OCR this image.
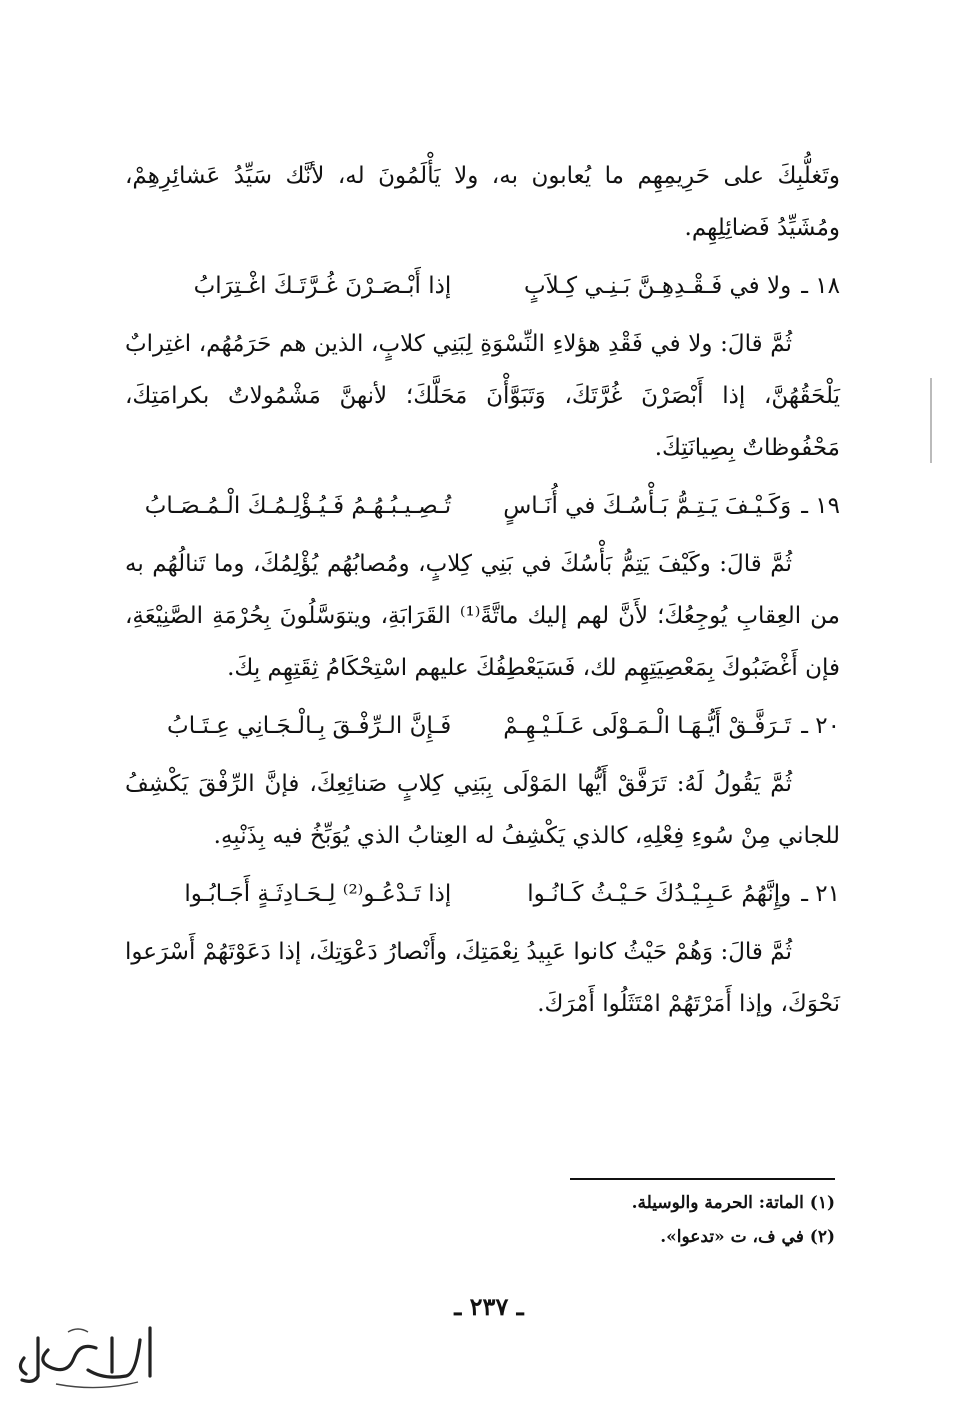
وتَغلُّبِكَ على حَرِيمِهِم ما يُعابون به، ولا يَأْلَمُونَ له، لأنَّك سَيِّدُ عَشائِرِهِمْ، ومُشَيِّدُ فَضائِلِهِم.

١٨ ـ
ولا في فَـقْـدِهِـنَّ بَـنِـي كِـلاَبٍ
إذا أَبْـصَـرْنَ غُـرَّتَـكَ اغْـتِرَابُ

ثُمَّ قالَ: ولا في فَقْدِ هؤلاءِ النِّسْوَةِ لِبَنِي كلابٍ، الذين هم حَرَمُهُم، اغتِرابٌ يَلْحَقُهُنَّ، إذا أَبْصَرْنَ غُرَّتَكَ، وَتَبَوَّأْنَ مَحَلَّكَ؛ لأنهنَّ مَشْمُولاتٌ بكرامَتِكَ، مَحْفُوظاتٌ بِصِيانَتِكَ.

١٩ ـ
وَكَـيْـفَ يَـتِـمُّ بَـأْسُـكَ في أُنَـاسٍ
تُـصِـيـبُـهُـمُ فَـيُـؤْلِـمُـكَ الْـمُـصَـابُ

ثُمَّ قالَ: وكَيْفَ يَتِمُّ بَأْسُكَ في بَنِي كِلابٍ، ومُصابُهُم يُؤْلِمُكَ، وما تَنالُهُم به من العِقابِ يُوجِعُكَ؛ لأَنَّ لهم إليك ماتَّةً⁽¹⁾ القَرَابَةِ، ويتوَسَّلُونَ بِحُرْمَةِ الصَّنِيْعَةِ، فإن أَغْضَبُوكَ بِمَعْصِيَتِهِم لك، فَسَيَعْطِفُكَ عليهم اسْتِحْكَامُ ثِقَتِهِم بِكَ.

٢٠ ـ
تَـرَفَّـقْ أَيُّـهَـا الْـمَـوْلَى عَـلَـيْـهِـمْ
فَـإِنَّ الـرِّفْـقَ بِـالْـجَـانِي عِـتَـابُ

ثُمَّ يَقُولُ لَهُ: تَرَفَّقْ أَيُّها المَوْلَى بِبَنِي كِلابٍ صَنائِعِكَ، فإنَّ الرِّفْقَ يَكْشِفُ للجاني مِنْ سُوءِ فِعْلِهِ، كالذي يَكْشِفُ له العِتابُ الذي يُوَبِّخُ فيه بِذَنْبِهِ.

٢١ ـ
وإِنَّهُمُ عَـبِـيْـدُكَ حَـيْـثُ كَـانُـوا
إذا تَـدْعُـو⁽²⁾ لِـحَـادِثَـةٍ أَجَـابُـوا

ثُمَّ قالَ: وَهُمْ حَيْثُ كانوا عَبِيدُ نِعْمَتِكَ، وأَنْصارُ دَعْوَتِكَ، إذا دَعَوْتَهُمْ أَسْرَعوا نَحْوَكَ، وإذا أَمَرْتَهُمْ امْتَثَلُوا أَمْرَكَ.

(١) الماتة: الحرمة والوسيلة.

(٢) في ف، ت «تدعوا».

ـ ٢٣٧ ـ
